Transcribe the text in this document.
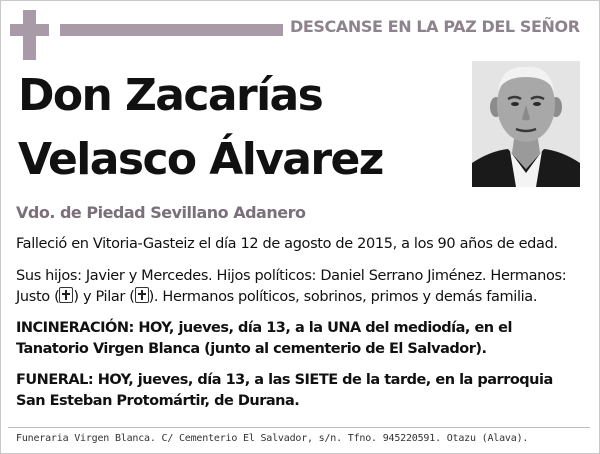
DESCANSE EN LA PAZ DEL SEÑOR
Don Zacarías
Velasco Álvarez
Vdo. de Piedad Sevillano Adanero

Falleció en Vitoria-Gasteiz el día 12 de agosto de 2015, a los 90 años de edad.

Sus hijos: Javier y Mercedes. Hijos políticos: Daniel Serrano Jiménez. Hermanos: Justo ( ) y Pilar ( ). Hermanos políticos, sobrinos, primos y demás familia.

INCINERACIÓN: HOY, jueves, día 13, a la UNA del mediodía, en el Tanatorio Virgen Blanca (junto al cementerio de El Salvador).

FUNERAL: HOY, jueves, día 13, a las SIETE de la tarde, en la parroquia San Esteban Protomártir, de Durana.

Funeraria Virgen Blanca. C/ Cementerio El Salvador, s/n. Tfno. 945220591. Otazu (Alava).
